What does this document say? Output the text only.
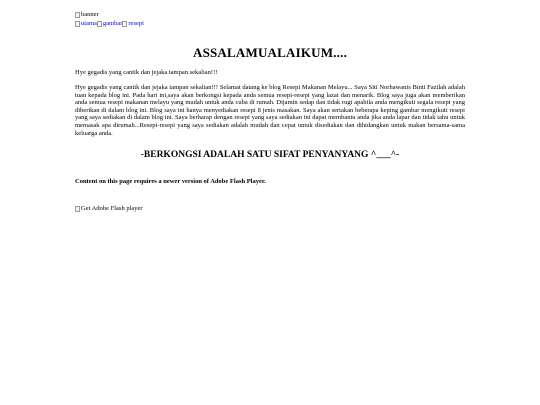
banner
utama gambar resepi
ASSALAMUALAIKUM....

Hye gegadis yang cantik dan jejaka tampan sekalian!!!

Hye gegadis yang cantik dan jejaka tampan sekalian!!! Selamat datang ke blog Resepi Makanan Melayu... Saya Siti Norhawanis Binti Fazilah adalah tuan kepada blog ini. Pada hari ini,saya akan berkongsi kepada anda semua resepi-resepi yang lazat dan menarik. Blog saya juga akan memberikan anda semua resepi makanan melayu yang mudah untuk anda cuba di rumah. Dijamin sedap dan tidak rugi apabila anda mengikuti segala resepi yang diberikan di dalam blog ini. Blog saya ini hanya menyediakan resepi 8 jenis masakan. Saya akan sertakan beberapa keping gambar mengikuti resepi yang saya sediakan di dalam blog ini. Saya berharap dengan resepi yang saya sediakan ini dapat membantu anda jika anda lapar dan tidak tahu untuk memasak apa dirumah...Resepi-resepi yang saya sediakan adalah mudah dan cepat untuk disediakan dan dihidangkan untuk makan bersama-sama keluarga anda.

-BERKONGSI ADALAH SATU SIFAT PENYANYANG ^___^-

Content on this page requires a newer version of Adobe Flash Player.

Get Adobe Flash player
